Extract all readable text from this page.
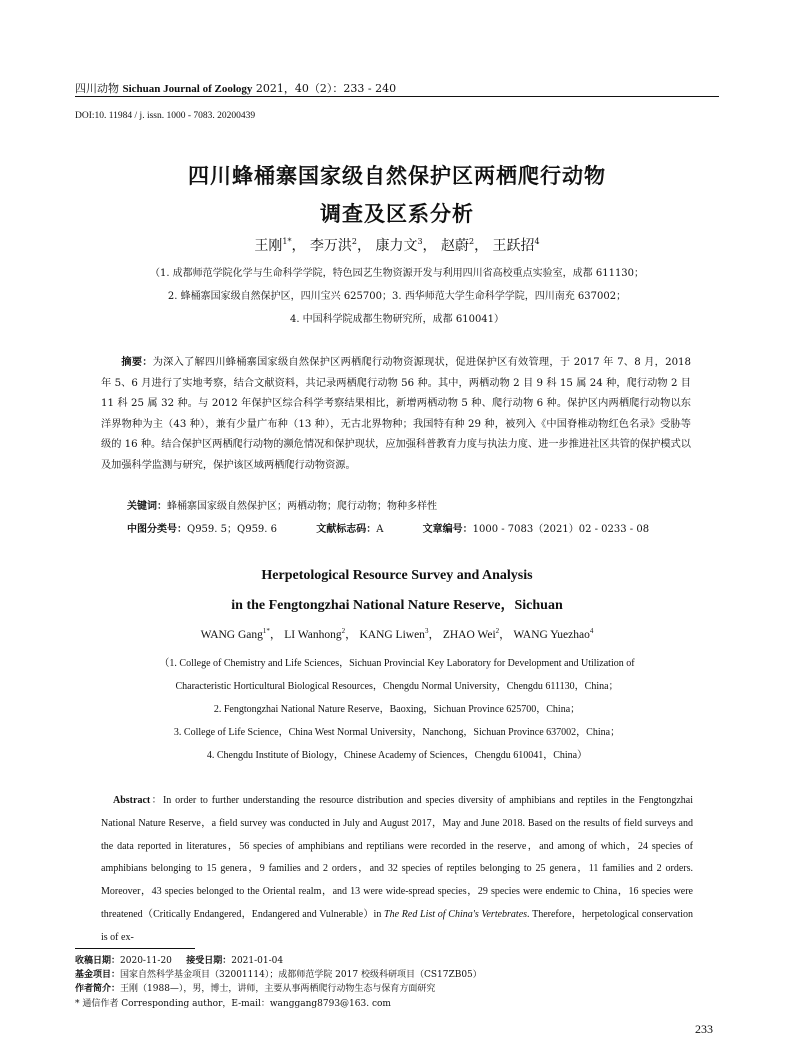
四川动物 Sichuan Journal of Zoology 2021，40（2）：233 - 240
DOI:10. 11984 / j. issn. 1000 - 7083. 20200439
四川蜂桶寨国家级自然保护区两栖爬行动物
调查及区系分析
王刚$^{1*}$， 李万洪$^2$， 康力文$^3$， 赵蔚$^2$， 王跃招$^4$
（1. 成都师范学院化学与生命科学学院，特色园艺生物资源开发与利用四川省高校重点实验室，成都 611130；
2. 蜂桶寨国家级自然保护区，四川宝兴 625700；3. 西华师范大学生命科学学院，四川南充 637002；
4. 中国科学院成都生物研究所，成都 610041）
摘要：为深入了解四川蜂桶寨国家级自然保护区两栖爬行动物资源现状，促进保护区有效管理，于 2017 年 7、8 月，2018 年 5、6 月进行了实地考察，结合文献资料，共记录两栖爬行动物 56 种。其中，两栖动物 2 目 9 科 15 属 24 种，爬行动物 2 目 11 科 25 属 32 种。与 2012 年保护区综合科学考察结果相比，新增两栖动物 5 种、爬行动物 6 种。保护区内两栖爬行动物以东洋界物种为主（43 种），兼有少量广布种（13 种），无古北界物种；我国特有种 29 种，被列入《中国脊椎动物红色名录》受胁等级的 16 种。结合保护区两栖爬行动物的濒危情况和保护现状，应加强科普教育力度与执法力度、进一步推进社区共管的保护模式以及加强科学监测与研究，保护该区域两栖爬行动物资源。
关键词：蜂桶寨国家级自然保护区；两栖动物；爬行动物；物种多样性
中图分类号：Q959. 5；Q959. 6	文献标志码：A	文章编号：1000 - 7083（2021）02 - 0233 - 08
Herpetological Resource Survey and Analysis
in the Fengtongzhai National Nature Reserve，Sichuan
WANG Gang$^{1*}$， LI Wanhong$^2$， KANG Liwen$^3$， ZHAO Wei$^2$， WANG Yuezhao$^4$
（1. College of Chemistry and Life Sciences，Sichuan Provincial Key Laboratory for Development and Utilization of
Characteristic Horticultural Biological Resources，Chengdu Normal University，Chengdu 611130，China；
2. Fengtongzhai National Nature Reserve，Baoxing，Sichuan Province 625700，China；
3. College of Life Science，China West Normal University，Nanchong，Sichuan Province 637002，China；
4. Chengdu Institute of Biology，Chinese Academy of Sciences，Chengdu 610041，China）
Abstract：In order to further understanding the resource distribution and species diversity of amphibians and reptiles in the Fengtongzhai National Nature Reserve，a field survey was conducted in July and August 2017，May and June 2018. Based on the results of field surveys and the data reported in literatures，56 species of amphibians and reptilians were recorded in the reserve，and among of which，24 species of amphibians belonging to 15 genera，9 families and 2 orders，and 32 species of reptiles belonging to 25 genera，11 families and 2 orders. Moreover，43 species belonged to the Oriental realm，and 13 were wide-spread species，29 species were endemic to China，16 species were threatened（Critically Endangered，Endangered and Vulnerable）in The Red List of China's Vertebrates. Therefore，herpetological conservation is of ex-
收稿日期：2020-11-20 接受日期：2021-01-04
基金项目：国家自然科学基金项目（32001114）；成都师范学院 2017 校级科研项目（CS17ZB05）
作者简介：王刚（1988—），男，博士，讲师，主要从事两栖爬行动物生态与保育方面研究
* 通信作者 Corresponding author，E-mail：wanggang8793@163. com
233
